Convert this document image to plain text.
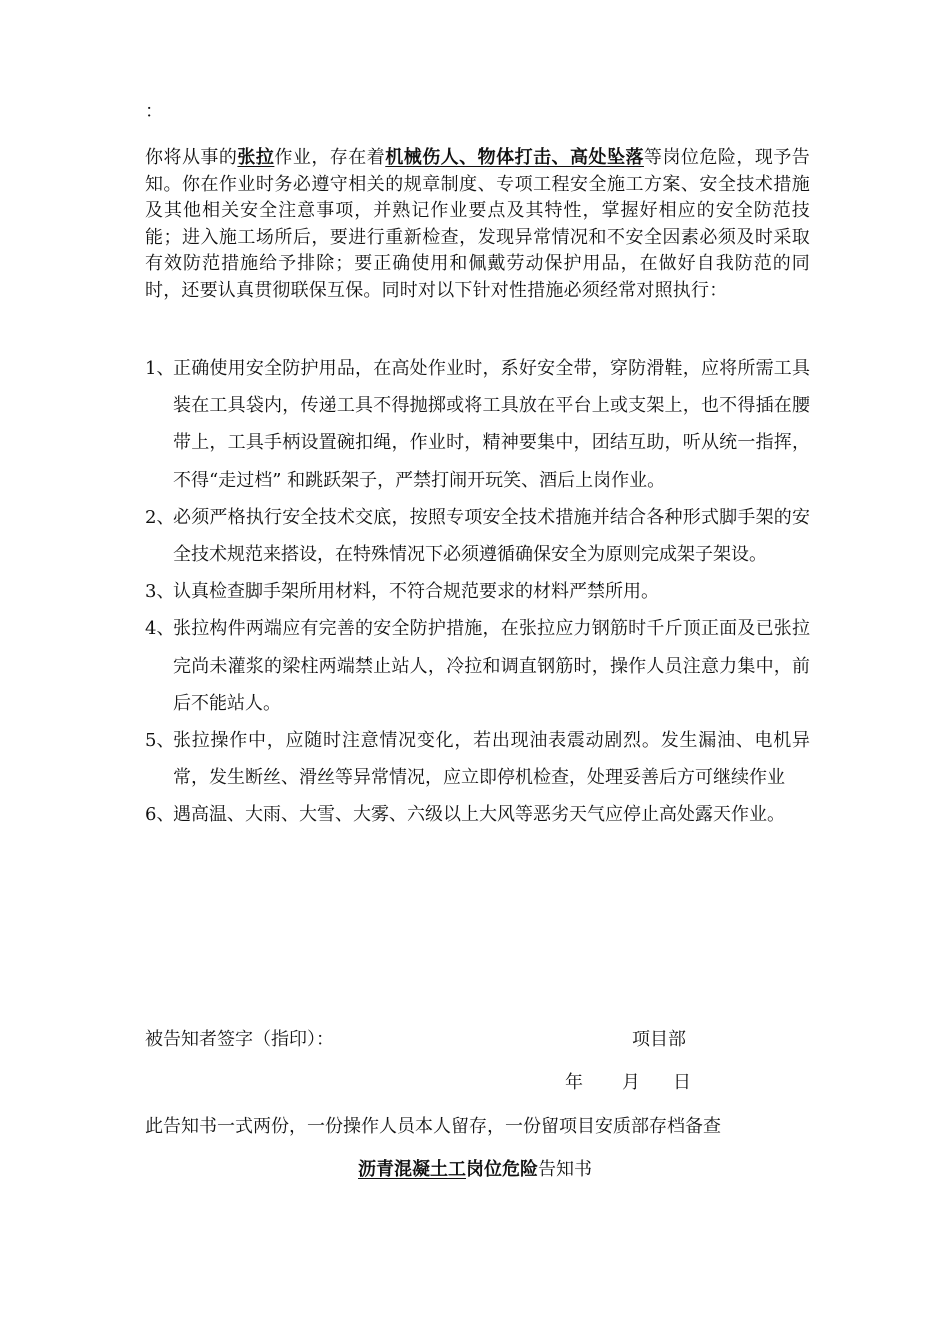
：

你将从事的张拉作业，存在着机械伤人、物体打击、高处坠落等岗位危险，现予告知。你在作业时务必遵守相关的规章制度、专项工程安全施工方案、安全技术措施及其他相关安全注意事项，并熟记作业要点及其特性，掌握好相应的安全防范技能；进入施工场所后，要进行重新检查，发现异常情况和不安全因素必须及时采取有效防范措施给予排除；要正确使用和佩戴劳动保护用品，在做好自我防范的同时，还要认真贯彻联保互保。同时对以下针对性措施必须经常对照执行：

1、
正确使用安全防护用品，在高处作业时，系好安全带，穿防滑鞋，应将所需工具装在工具袋内，传递工具不得抛掷或将工具放在平台上或支架上，也不得插在腰带上，工具手柄设置碗扣绳，作业时，精神要集中，团结互助，听从统一指挥，不得“走过档” 和跳跃架子，严禁打闹开玩笑、酒后上岗作业。
2、
必须严格执行安全技术交底，按照专项安全技术措施并结合各种形式脚手架的安全技术规范来搭设，在特殊情况下必须遵循确保安全为原则完成架子架设。
3、
认真检查脚手架所用材料，不符合规范要求的材料严禁所用。
4、
张拉构件两端应有完善的安全防护措施，在张拉应力钢筋时千斤顶正面及已张拉完尚未灌浆的梁柱两端禁止站人，冷拉和调直钢筋时，操作人员注意力集中，前后不能站人。
5、
张拉操作中，应随时注意情况变化，若出现油表震动剧烈。发生漏油、电机异常，发生断丝、滑丝等异常情况，应立即停机检查，处理妥善后方可继续作业
6、
遇高温、大雨、大雪、大雾、六级以上大风等恶劣天气应停止高处露天作业。
被告知者签字（指印）：	项目部
年 月 日
此告知书一式两份，一份操作人员本人留存，一份留项目安质部存档备查
沥青混凝土工岗位危险告知书
